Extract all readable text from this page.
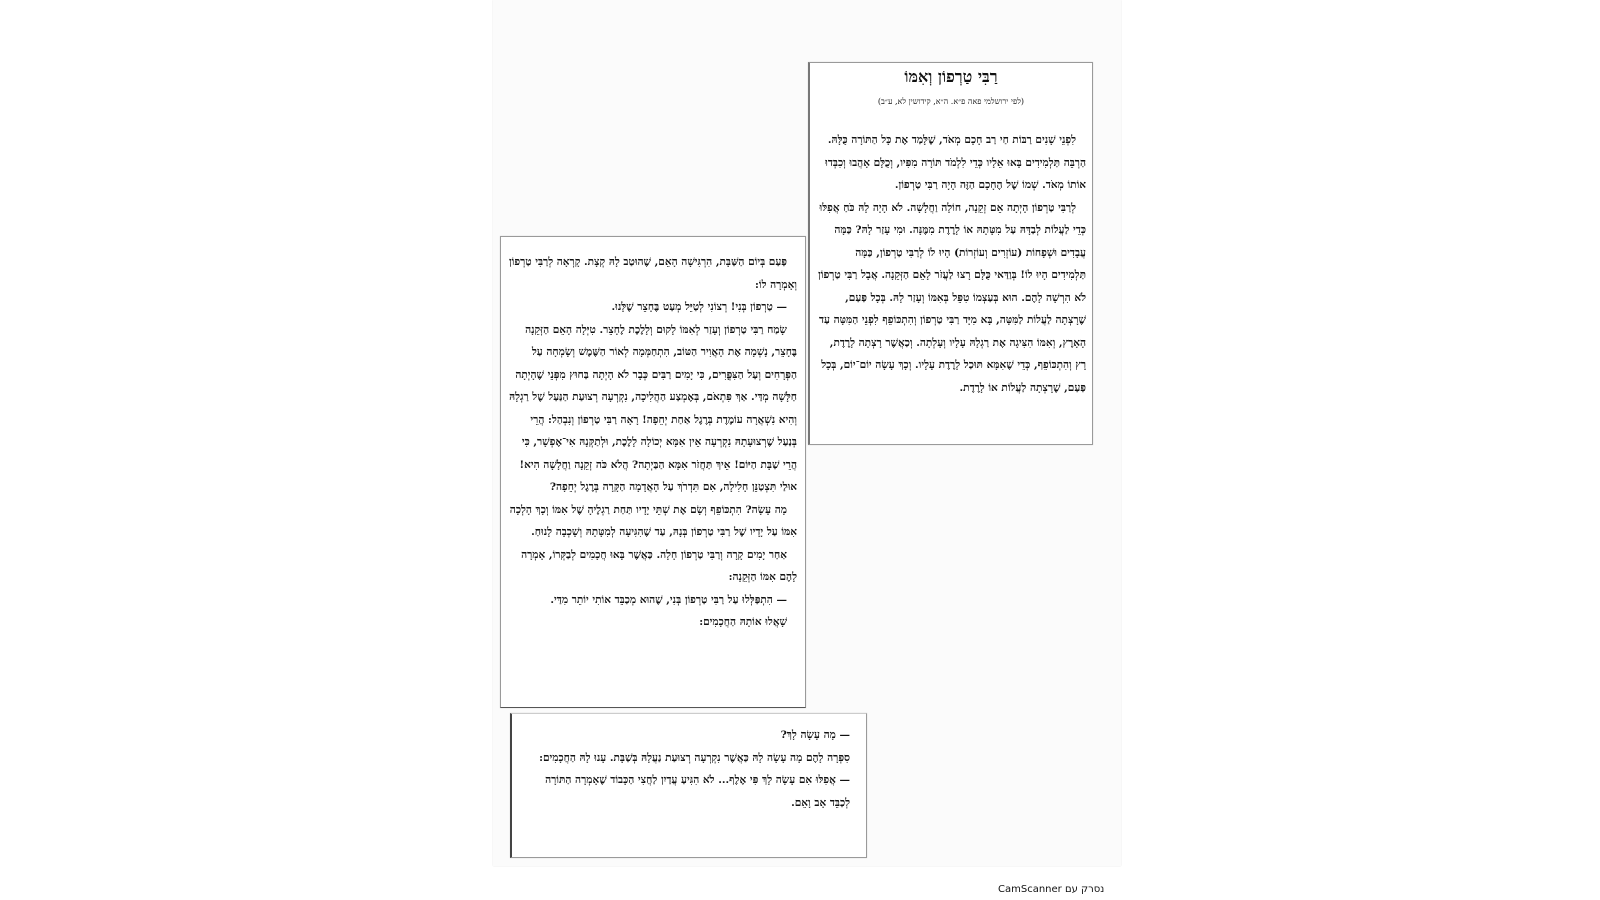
רַבִּי טַרְפוֹן וְאִמּוֹ
(לפי ירושלמי פאה פ״א. ה״א, קידושין לא, ע״ב)

לִפְנֵי שָׁנִים רַבּוֹת חַי רַב חָכָם מְאֹד, שֶׁלָּמַד אֶת כָּל הַתּוֹרָה כֻּלָּהּ. הַרְבֵּה תַּלְמִידִים בָּאוּ אֵלָיו כְּדֵי לִלְמֹד תּוֹרָה מִפִּיו, וְכֻלָּם אָהֲבוּ וְכִבְּדוּ אוֹתוֹ מְאֹד. שְׁמוֹ שֶׁל הֶחָכָם הַזֶּה הָיָה רַבִּי טַרְפוֹן.

לְרַבִּי טַרְפוֹן הָיְתָה אֵם זְקֵנָה, חוֹלָה וַחֲלָשָׁה. לֹא הָיָה לָהּ כֹּחַ אֲפִלּוּ כְּדֵי לַעֲלוֹת לְבַדָּהּ עַל מִטָּתָהּ אוֹ לָרֶדֶת מִמֶּנָּה. וּמִי עָזַר לָהּ? כַּמָּה עֲבָדִים וּשְׁפָחוֹת (עוֹזְרִים וְעוֹזְרוֹת) הָיוּ לוֹ לְרַבִּי טַרְפוֹן, כַּמָּה תַּלְמִידִים הָיוּ לוֹ! בְּוַדַּאי כֻּלָּם רָצוּ לַעֲזֹר לָאֵם הַזְּקֵנָה. אֲבָל רַבִּי טַרְפוֹן לֹא הִרְשָׁה לָהֶם. הוּא בְּעַצְמוֹ טִפֵּל בְּאִמּוֹ וְעָזַר לָהּ. בְּכָל פַּעַם, שֶׁרָצְתָה לַעֲלוֹת לַמִּטָּה, בָּא מִיָּד רַבִּי טַרְפוֹן וְהִתְכּוֹפֵף לִפְנֵי הַמִּטָּה עַד הָאָרֶץ, וְאִמּוֹ הִצִּיגָה אֶת רַגְלָהּ עָלָיו וְעָלְתָה. וְכַאֲשֶׁר רָצְתָה לָרֶדֶת, רָץ וְהִתְכּוֹפֵף, כְּדֵי שֶׁאִמָּא תּוּכַל לָרֶדֶת עָלָיו. וְכָךְ עָשָׂה יוֹם־יוֹם, בְּכָל פַּעַם, שֶׁרָצְתָה לַעֲלוֹת אוֹ לָרֶדֶת.

פַּעַם בְּיוֹם הַשַּׁבָּת, הִרְגִּישָׁה הָאֵם, שֶׁהוּטַב לָהּ קְצָת. קָרְאָה לְרַבִּי טַרְפוֹן וְאָמְרָה לוֹ:

— טַרְפוֹן בְּנִי! רְצוֹנִי לְטַיֵּל מְעַט בֶּחָצֵר שֶׁלָּנוּ.

שָׂמַח רַבִּי טַרְפוֹן וְעָזַר לְאִמּוֹ לָקוּם וְלָלֶכֶת לֶחָצֵר. טִיְּלָה הָאֵם הַזְּקֵנָה בֶּחָצֵר, נָשְׁמָה אֶת הָאֲוִיר הַטּוֹב, הִתְחַמְּמָה לְאוֹר הַשֶּׁמֶשׁ וְשָׂמְחָה עַל הַפְּרָחִים וְעַל הַצִּפֳּרִים, כִּי יָמִים רַבִּים כְּבָר לֹא הָיְתָה בַּחוּץ מִפְּנֵי שֶׁהָיְתָה חַלָּשָׁה מְדַּי. אַךְ פִּתְאֹם, בְּאֶמְצַע הַהֲלִיכָה, נִקְרְעָה רְצוּעַת הַנַּעַל שֶׁל רַגְלָהּ וְהִיא נִשְׁאֲרָה עוֹמֶדֶת בְּרֶגֶל אַחַת יְחֵפָה! רָאָה רַבִּי טַרְפוֹן וְנִבְהַל: הֲרֵי בְּנַעַל שֶׁרְצוּעָתָהּ נִקְרְעָה אֵין אִמָּא יְכוֹלָה לָלֶכֶת, וּלְתַקְּנָהּ אִי־אֶפְשָׁר, כִּי הֲרֵי שַׁבָּת הַיּוֹם! אֵיךְ תַּחֲזֹר אִמָּא הַבַּיְתָה? הֲלֹא כֹּה זְקֵנָה וַחֲלָשָׁה הִיא! אוּלַי תִּצְטַנֵּן חָלִילָה, אִם תִּדְרֹךְ עַל הָאֲדָמָה הַקָּרָה בְּרֶגֶל יְחֵפָה?

מָה עָשָׂה? הִתְכּוֹפֵף וְשָׂם אֶת שְׁתֵּי יָדָיו תַּחַת רַגְלֶיהָ שֶׁל אִמּוֹ וְכָךְ הָלְכָה אִמּוֹ עַל יָדָיו שֶׁל רַבִּי טַרְפוֹן בְּנָהּ, עַד שֶׁהִגִּיעָה לְמִטָּתָהּ וְשָׁכְבָה לָנוּחַ.

אַחַר יָמִים קָרָה וְרַבִּי טַרְפוֹן חָלָה. כַּאֲשֶׁר בָּאוּ חֲכָמִים לְבַקְּרוֹ, אָמְרָה לָהֶם אִמּוֹ הַזְּקֵנָה:

— הִתְפַּלְּלוּ עַל רַבִּי טַרְפוֹן בְּנִי, שֶׁהוּא מְכַבֵּד אוֹתִי יוֹתֵר מִדַּי.

שָׁאֲלוּ אוֹתָהּ הַחֲכָמִים:

— מָה עָשָׂה לָךְ?

סִפְּרָה לָהֶם מָה עָשָׂה לָהּ כַּאֲשֶׁר נִקְרְעָה רְצוּעַת נַעֲלָהּ בְּשַׁבָּת. עָנוּ לָהּ הַחֲכָמִים:

— אֲפִלּוּ אִם עָשָׂה לָךְ פִּי אֶלֶף... לֹא הִגִּיעַ עֲדַיִן לַחֲצִי הַכָּבוֹד שֶׁאָמְרָה הַתּוֹרָה לְכַבֵּד אָב וָאֵם.

נסרק עם CamScanner
